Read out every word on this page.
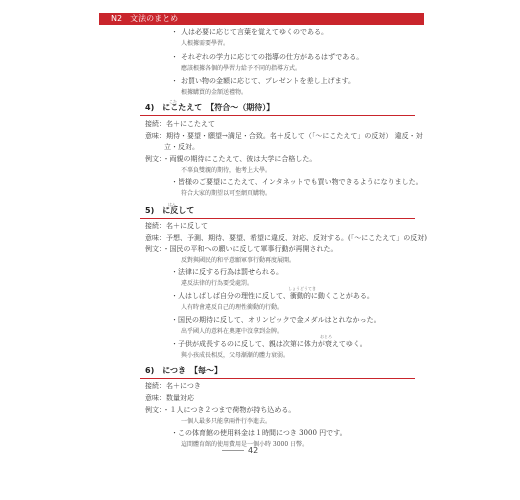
N2　文法のまとめ
・ 人は必要に応じて言葉を覚えてゆくのである。
人根據需要學習。
・ それぞれの学力に応じての指導の仕方があるはずである。
應該根據各個的學習力給予不同的指導方式。
・ お買い物の金額に応じて、プレゼントを差し上げます。
根據購買的金額送禮物。
こた
4)　にこたえて　【符合～（期待）】
接続：名＋にこたえて
意味：期待・要望・願望→満足・合致。名＋反して（「～にこたえて」の反対） 違反・対
立・反対。
例文：・両親の期待にこたえて、彼は大学に合格した。
不辜負雙親的期待，他考上大學。
・皆様のご要望にこたえて、インタネットでも買い物できるようになりました。
符合大家的期望以可至網頁購物。
はん
5)　に反して
接続：名＋に反して
意味：予想、予測、期待、要望、希望に違反、対応、反対する。(「～にこたえて」の反対)
例文：・国民の平和への願いに反して軍事行動が再開された。
反對與國民的和平意願軍事行動再度展開。
・法律に反する行為は罰せられる。
違反法律的行為要受處罰。
しょうどうてき
・人はしばしば自分の理性に反して、衝動的に動くことがある。
人有時會違反自己的理性衝動的行動。
・国民の期待に反して、オリンピックで金メダルはとれなかった。
出乎國人的意料在奧運中沒拿到金牌。
おとろ
・子供が成長するのに反して、親は次第に体力が衰えてゆく。
與小孩成長相反，父母漸漸的體力衰弱。
6)　につき　【每～】
接続：名＋につき
意味：数量対応
例文：・１人につき２つまで荷物が持ち込める。
一個人最多只能拿兩件行李進去。
・この体育館の使用料金は１時間につき 3000 円です。
這間體育館的使用費用是一個小時 3000 日幣。
42
